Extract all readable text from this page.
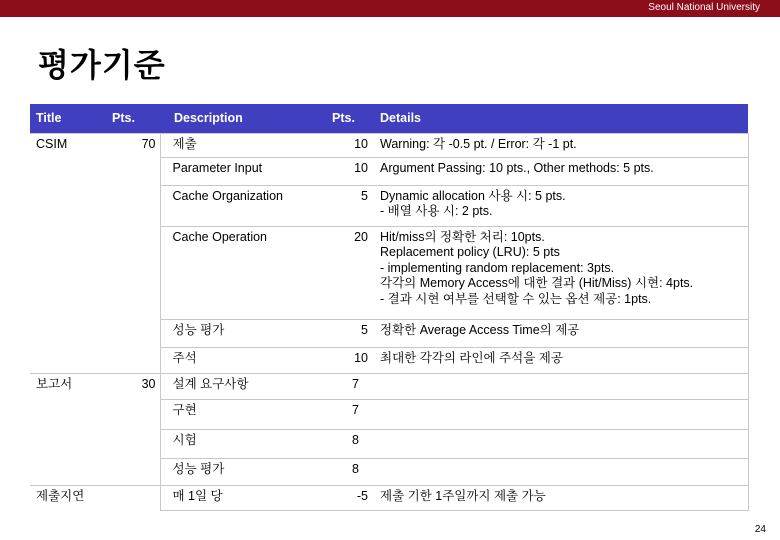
Seoul National University
평가기준
Title	Pts.	Description	Pts.	Details
CSIM	70	제출	10	Warning: 각 -0.5 pt. / Error: 각 -1 pt.
		Parameter Input	10	Argument Passing: 10 pts., Other methods: 5 pts.
		Cache Organization	5	Dynamic allocation 사용 시: 5 pts.
- 배열 사용 시: 2 pts.
		Cache Operation	20	Hit/miss의 정확한 처리: 10pts.
Replacement policy (LRU): 5 pts
- implementing random replacement: 3pts.
각각의 Memory Access에 대한 결과 (Hit/Miss) 시현: 4pts.
- 결과 시현 여부를 선택할 수 있는 옵션 제공: 1pts.
		성능 평가	5	정확한 Average Access Time의 제공
		주석	10	최대한 각각의 라인에 주석을 제공
보고서	30	설계 요구사항	7	
		구현	7	
		시험	8	
		성능 평가	8	
제출지연		매 1일 당	-5	제출 기한 1주일까지 제출 가능
24
